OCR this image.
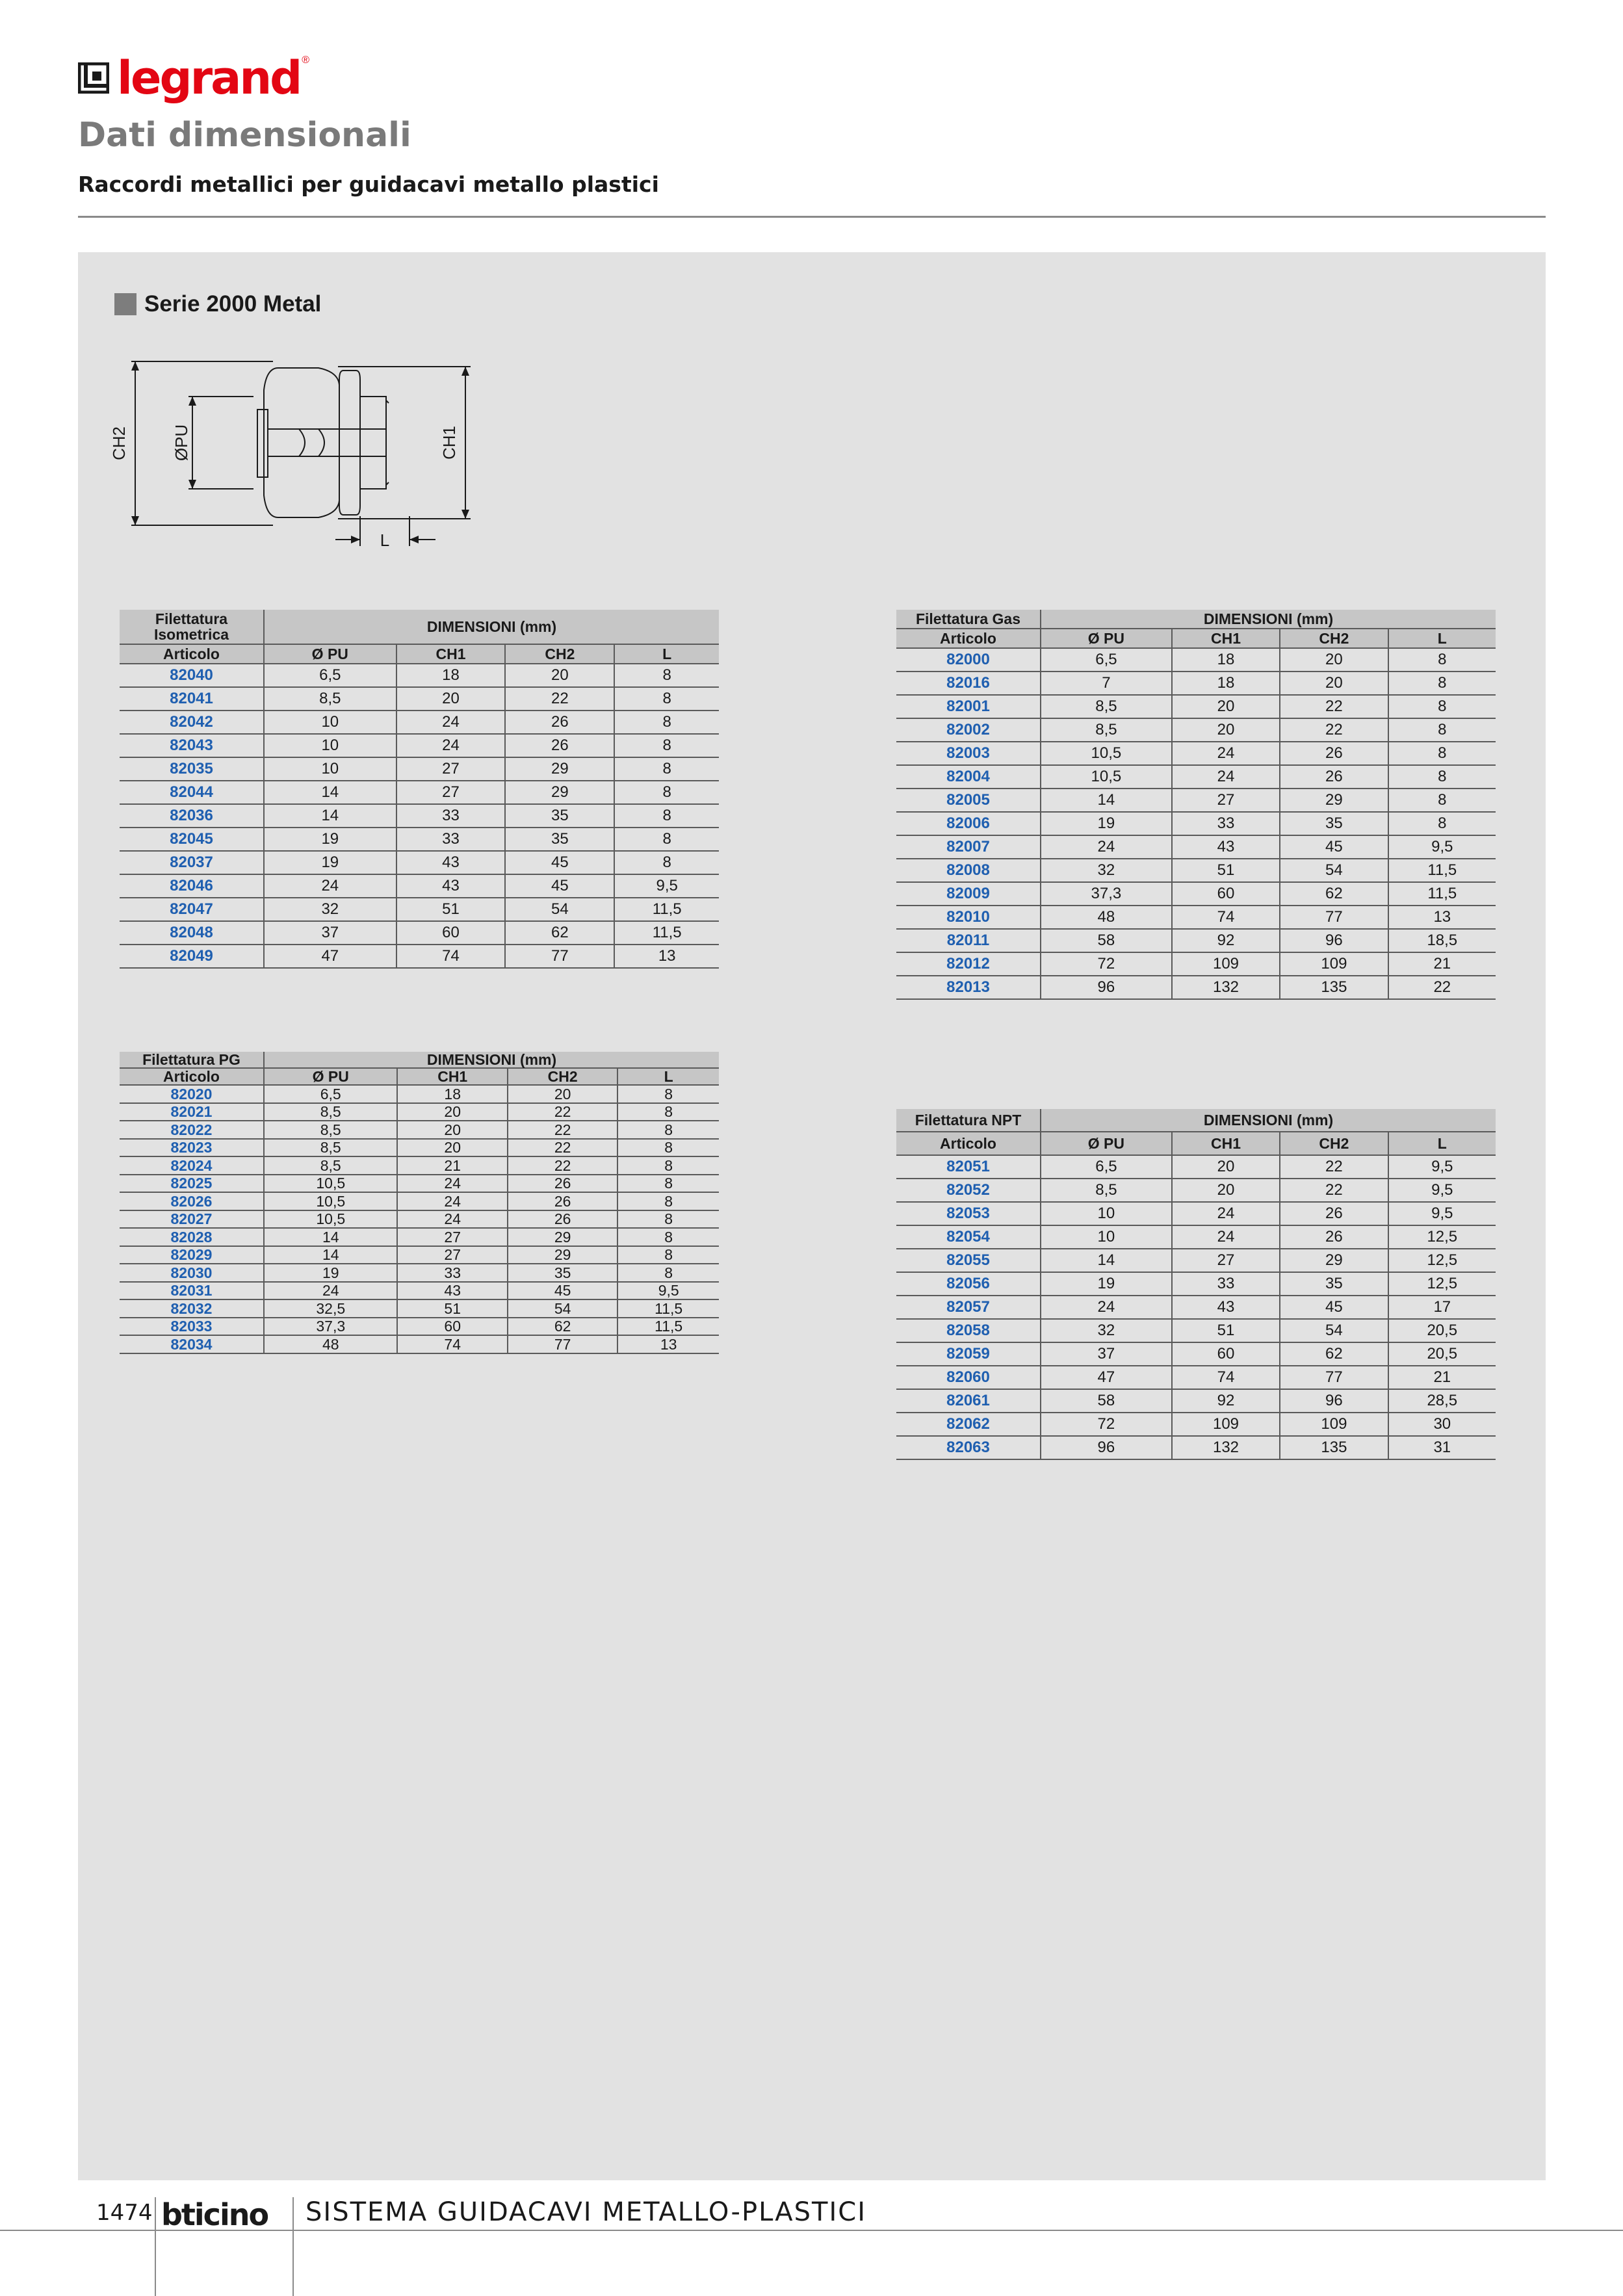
legrand ®
Dati dimensionali
Raccordi metallici per guidacavi metallo plastici
Serie 2000 Metal
CH2	ØPU	CH1
L
Filettatura Isometrica	DIMENSIONI (mm)			
Articolo	Ø PU	CH1	CH2	L
82040	6,5	18	20	8
82041	8,5	20	22	8
82042	10	24	26	8
82043	10	24	26	8
82035	10	27	29	8
82044	14	27	29	8
82036	14	33	35	8
82045	19	33	35	8
82037	19	43	45	8
82046	24	43	45	9,5
82047	32	51	54	11,5
82048	37	60	62	11,5
82049	47	74	77	13
Filettatura Gas	DIMENSIONI (mm)			
Articolo	Ø PU	CH1	CH2	L
82000	6,5	18	20	8
82016	7	18	20	8
82001	8,5	20	22	8
82002	8,5	20	22	8
82003	10,5	24	26	8
82004	10,5	24	26	8
82005	14	27	29	8
82006	19	33	35	8
82007	24	43	45	9,5
82008	32	51	54	11,5
82009	37,3	60	62	11,5
82010	48	74	77	13
82011	58	92	96	18,5
82012	72	109	109	21
82013	96	132	135	22
Filettatura PG	DIMENSIONI (mm)			
Articolo	Ø PU	CH1	CH2	L
82020	6,5	18	20	8
82021	8,5	20	22	8
82022	8,5	20	22	8
82023	8,5	20	22	8
82024	8,5	21	22	8
82025	10,5	24	26	8
82026	10,5	24	26	8
82027	10,5	24	26	8
82028	14	27	29	8
82029	14	27	29	8
82030	19	33	35	8
82031	24	43	45	9,5
82032	32,5	51	54	11,5
82033	37,3	60	62	11,5
82034	48	74	77	13
Filettatura NPT	DIMENSIONI (mm)			
Articolo	Ø PU	CH1	CH2	L
82051	6,5	20	22	9,5
82052	8,5	20	22	9,5
82053	10	24	26	9,5
82054	10	24	26	12,5
82055	14	27	29	12,5
82056	19	33	35	12,5
82057	24	43	45	17
82058	32	51	54	20,5
82059	37	60	62	20,5
82060	47	74	77	21
82061	58	92	96	28,5
82062	72	109	109	30
82063	96	132	135	31
1474 bticino SISTEMA GUIDACAVI METALLO-PLASTICI
